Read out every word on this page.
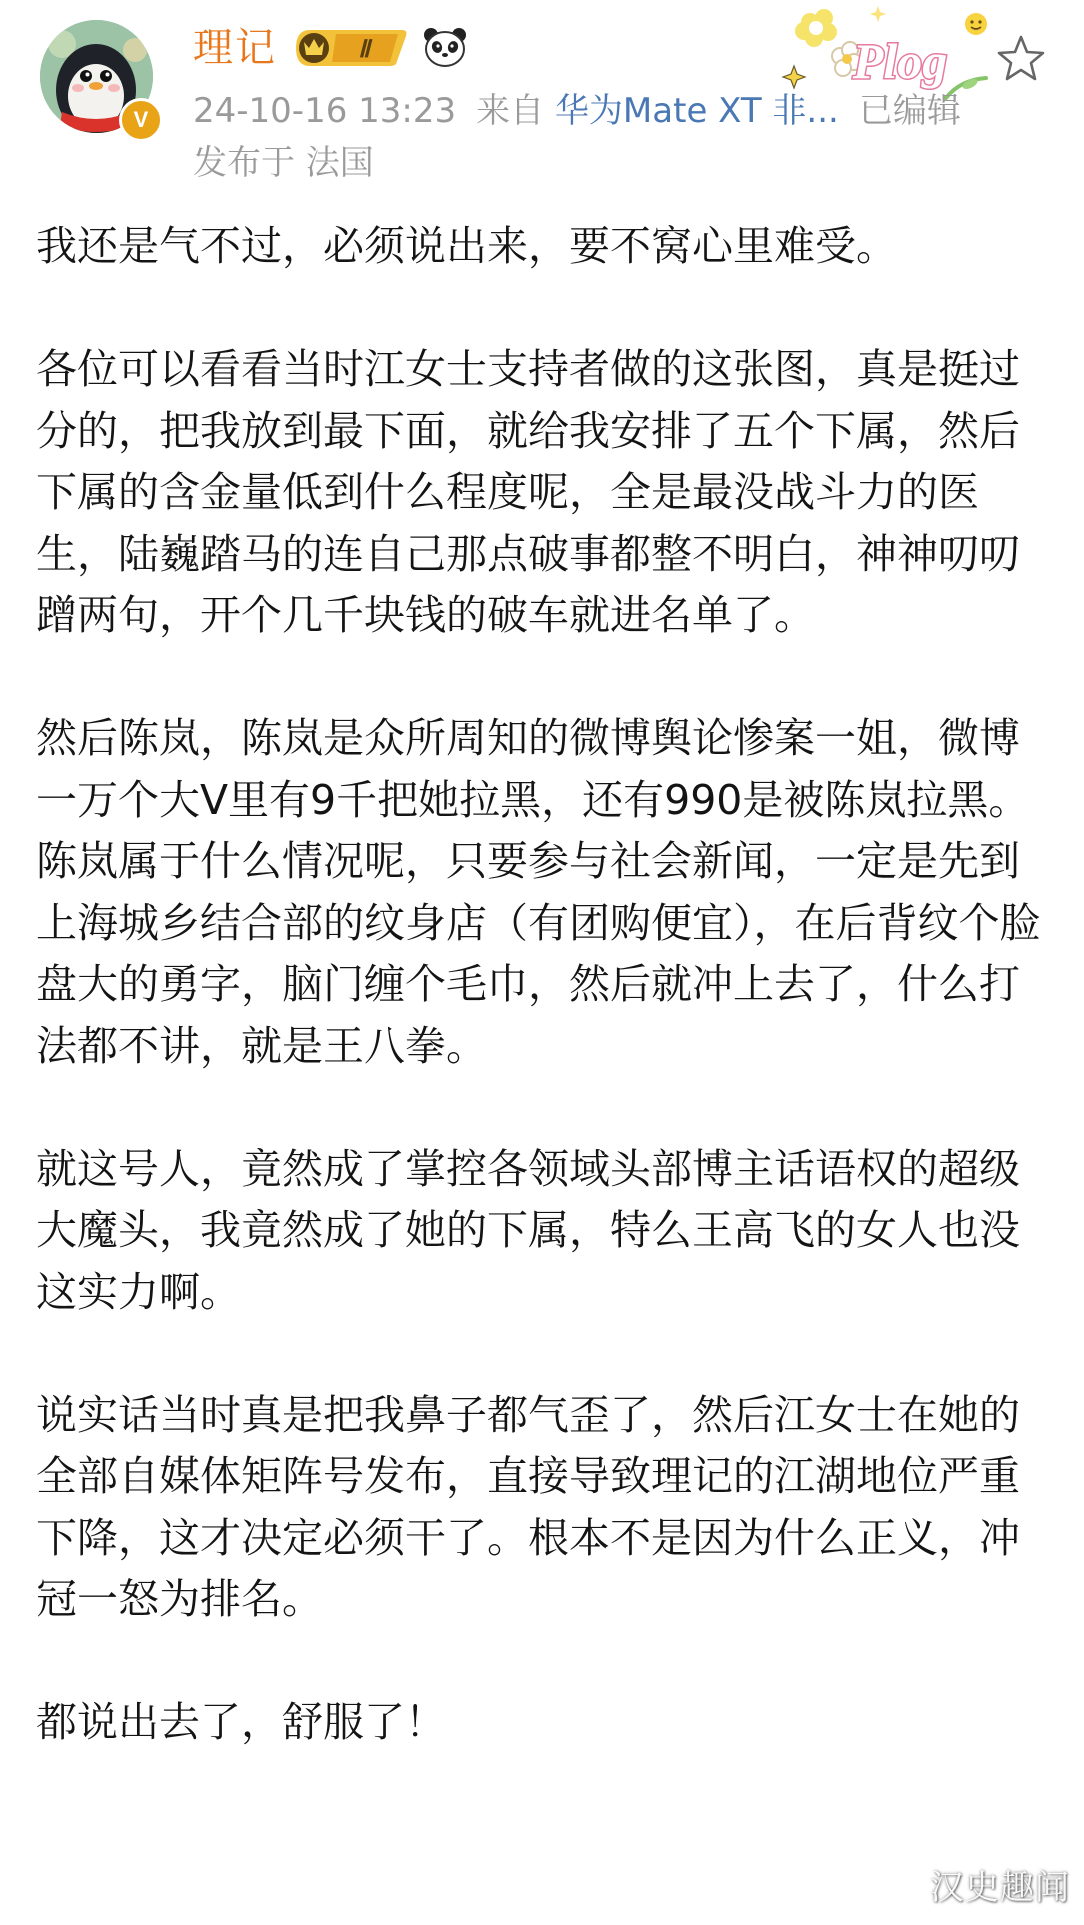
V
理记	Ⅱ	Plog
24-10-16 13:23 来自 华为Mate XT 非... 已编辑
发布于 法国

我还是气不过，必须说出来，要不窝心里难受。

各位可以看看当时江女士支持者做的这张图，真是挺过分的，把我放到最下面，就给我安排了五个下属，然后下属的含金量低到什么程度呢，全是最没战斗力的医生，陆巍踏马的连自己那点破事都整不明白，神神叨叨蹭两句，开个几千块钱的破车就进名单了。

然后陈岚，陈岚是众所周知的微博舆论惨案一姐，微博一万个大V里有9千把她拉黑，还有990是被陈岚拉黑。陈岚属于什么情况呢，只要参与社会新闻，一定是先到上海城乡结合部的纹身店（有团购便宜），在后背纹个脸盘大的勇字，脑门缠个毛巾，然后就冲上去了，什么打法都不讲，就是王八拳。

就这号人，竟然成了掌控各领域头部博主话语权的超级大魔头，我竟然成了她的下属，特么王高飞的女人也没这实力啊。

说实话当时真是把我鼻子都气歪了，然后江女士在她的全部自媒体矩阵号发布，直接导致理记的江湖地位严重下降，这才决定必须干了。根本不是因为什么正义，冲冠一怒为排名。

都说出去了，舒服了！

汉史趣闻
